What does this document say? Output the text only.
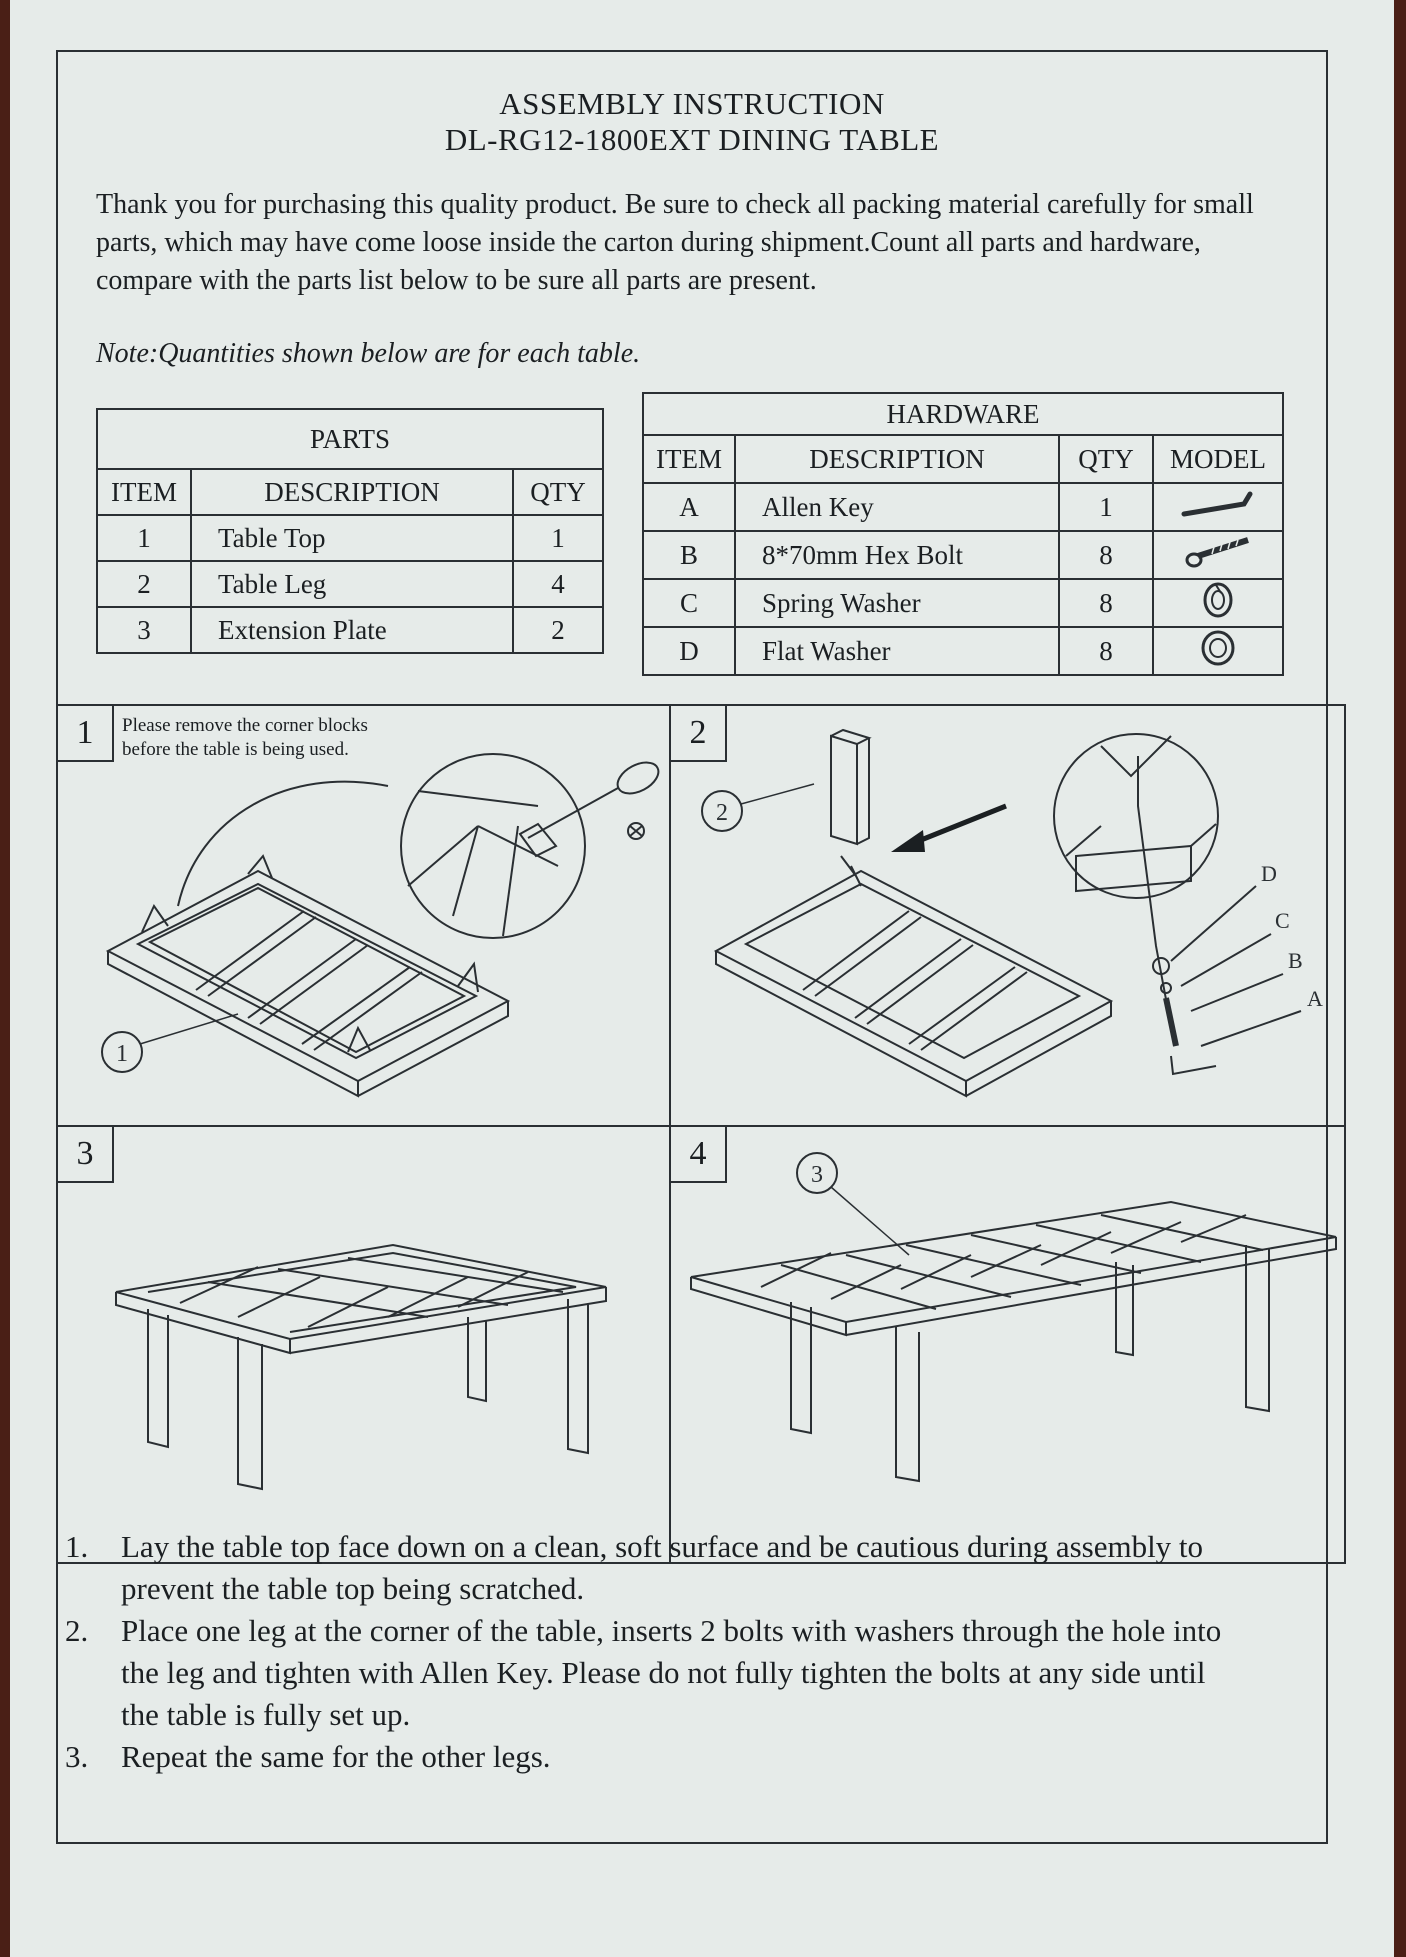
ASSEMBLY INSTRUCTION
DL-RG12-1800EXT DINING TABLE

Thank you for purchasing this quality product. Be sure to check all packing material carefully for small parts, which may have come loose inside the carton during shipment.Count all parts and hardware, compare with the parts list below to be sure all parts are present.

Note:Quantities shown below are for each table.
PARTS		
ITEM	DESCRIPTION	QTY
1	Table Top	1
2	Table Leg	4
3	Extension Plate	2
HARDWARE			
ITEM	DESCRIPTION	QTY	MODEL
A	Allen Key	1	
B	8*70mm Hex Bolt	8	
C	Spring Washer	8	
D	Flat Washer	8	
1
1	Please remove the corner blocks
before the table is being used.
2
D
C
B
A
2
3
3
4
1. Lay the table top face down on a clean, soft surface and be cautious during assembly to prevent the table top being scratched.
2. Place one leg at the corner of the table, inserts 2 bolts with washers through the hole into the leg and tighten with Allen Key. Please do not fully tighten the bolts at any side until the table is fully set up.
3. Repeat the same for the other legs.
